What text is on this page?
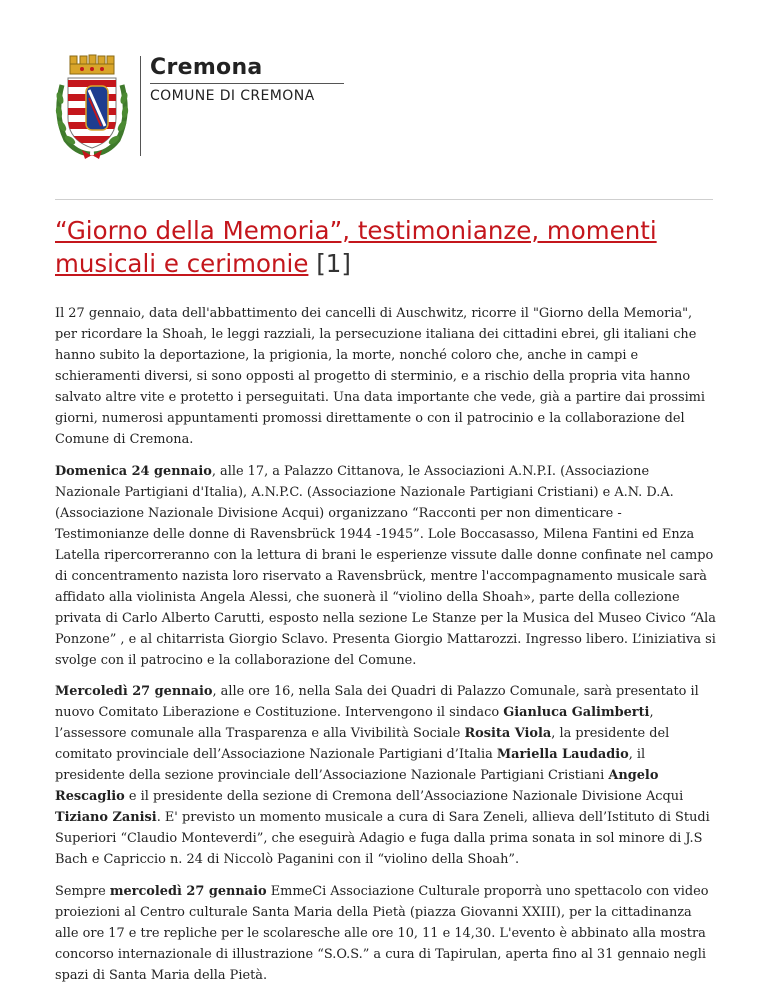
Cremona
COMUNE DI CREMONA
“Giorno della Memoria”, testimonianze, momenti musicali e cerimonie [1]

Il 27 gennaio, data dell'abbattimento dei cancelli di Auschwitz, ricorre il "Giorno della Memoria", per ricordare la Shoah, le leggi razziali, la persecuzione italiana dei cittadini ebrei, gli italiani che hanno subito la deportazione, la prigionia, la morte, nonché coloro che, anche in campi e schieramenti diversi, si sono opposti al progetto di sterminio, e a rischio della propria vita hanno salvato altre vite e protetto i perseguitati. Una data importante che vede, già a partire dai prossimi giorni, numerosi appuntamenti promossi direttamente o con il patrocinio e la collaborazione del Comune di Cremona.

Domenica 24 gennaio, alle 17, a Palazzo Cittanova, le Associazioni A.N.P.I. (Associazione Nazionale Partigiani d'Italia), A.N.P.C. (Associazione Nazionale Partigiani Cristiani) e A.N. D.A. (Associazione Nazionale Divisione Acqui) organizzano “Racconti per non dimenticare - Testimonianze delle donne di Ravensbrück 1944 -1945”. Lole Boccasasso, Milena Fantini ed Enza Latella ripercorreranno con la lettura di brani le esperienze vissute dalle donne confinate nel campo di concentramento nazista loro riservato a Ravensbrück, mentre l'accompagnamento musicale sarà affidato alla violinista Angela Alessi, che suonerà il “violino della Shoah», parte della collezione privata di Carlo Alberto Carutti, esposto nella sezione Le Stanze per la Musica del Museo Civico “Ala Ponzone” , e al chitarrista Giorgio Sclavo. Presenta Giorgio Mattarozzi. Ingresso libero. L’iniziativa si svolge con il patrocino e la collaborazione del Comune.

Mercoledì 27 gennaio, alle ore 16, nella Sala dei Quadri di Palazzo Comunale, sarà presentato il nuovo Comitato Liberazione e Costituzione. Intervengono il sindaco Gianluca Galimberti, l’assessore comunale alla Trasparenza e alla Vivibilità Sociale Rosita Viola, la presidente del comitato provinciale dell’Associazione Nazionale Partigiani d’Italia Mariella Laudadio, il presidente della sezione provinciale dell’Associazione Nazionale Partigiani Cristiani Angelo Rescaglio e il presidente della sezione di Cremona dell’Associazione Nazionale Divisione Acqui Tiziano Zanisi. E' previsto un momento musicale a cura di Sara Zeneli, allieva dell’Istituto di Studi Superiori “Claudio Monteverdi”, che eseguirà Adagio e fuga dalla prima sonata in sol minore di J.S Bach e Capriccio n. 24 di Niccolò Paganini con il “violino della Shoah”.

Sempre mercoledì 27 gennaio EmmeCi Associazione Culturale proporrà uno spettacolo con video proiezioni al Centro culturale Santa Maria della Pietà (piazza Giovanni XXIII), per la cittadinanza alle ore 17 e tre repliche per le scolaresche alle ore 10, 11 e 14,30. L'evento è abbinato alla mostra concorso internazionale di illustrazione “S.O.S.” a cura di Tapirulan, aperta fino al 31 gennaio negli spazi di Santa Maria della Pietà.
